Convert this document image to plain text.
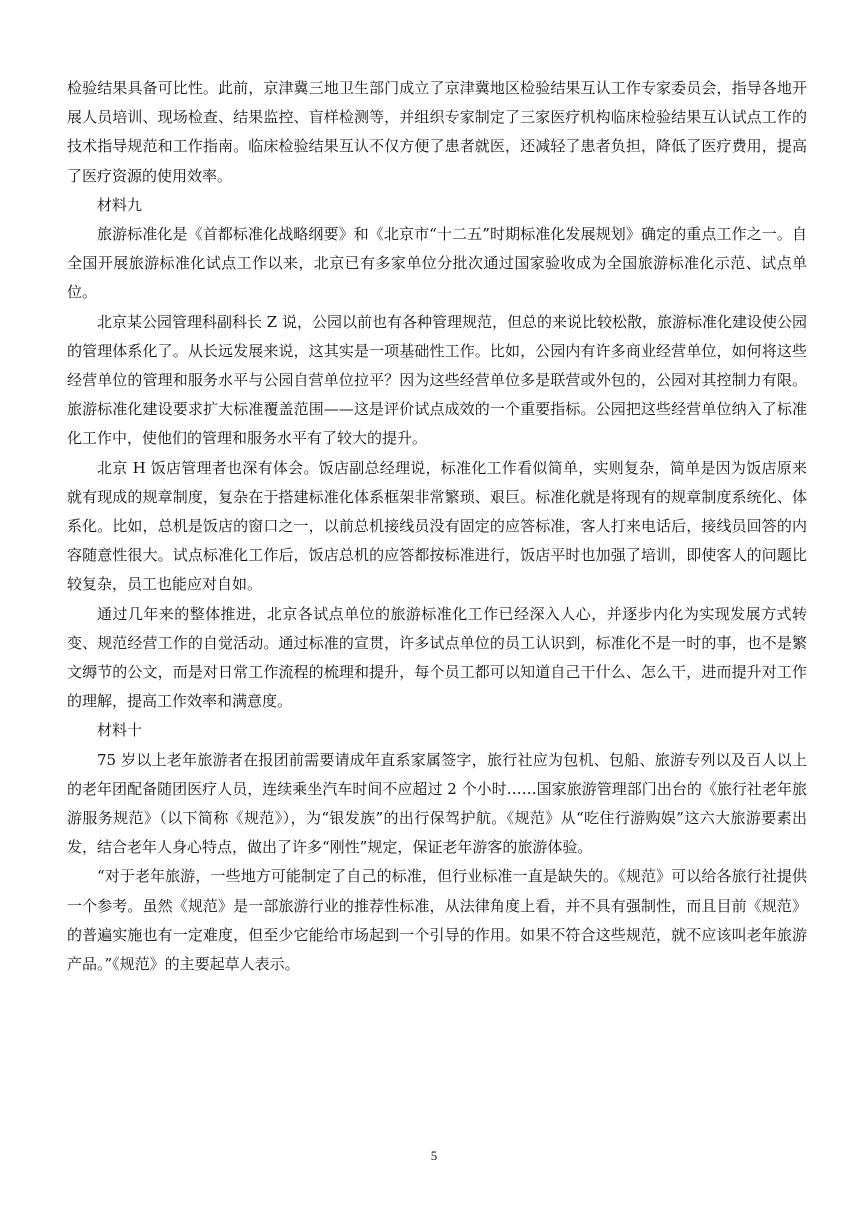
检验结果具备可比性。此前，京津冀三地卫生部门成立了京津冀地区检验结果互认工作专家委员会，指导各地开展人员培训、现场检查、结果监控、盲样检测等，并组织专家制定了三家医疗机构临床检验结果互认试点工作的技术指导规范和工作指南。临床检验结果互认不仅方便了患者就医，还减轻了患者负担，降低了医疗费用，提高了医疗资源的使用效率。

材料九

旅游标准化是《首都标准化战略纲要》和《北京市“十二五”时期标准化发展规划》确定的重点工作之一。自全国开展旅游标准化试点工作以来，北京已有多家单位分批次通过国家验收成为全国旅游标准化示范、试点单位。

北京某公园管理科副科长 Z 说，公园以前也有各种管理规范，但总的来说比较松散，旅游标准化建设使公园的管理体系化了。从长远发展来说，这其实是一项基础性工作。比如，公园内有许多商业经营单位，如何将这些经营单位的管理和服务水平与公园自营单位拉平？因为这些经营单位多是联营或外包的，公园对其控制力有限。旅游标准化建设要求扩大标准覆盖范围——这是评价试点成效的一个重要指标。公园把这些经营单位纳入了标准化工作中，使他们的管理和服务水平有了较大的提升。

北京 H 饭店管理者也深有体会。饭店副总经理说，标准化工作看似简单，实则复杂，简单是因为饭店原来就有现成的规章制度，复杂在于搭建标准化体系框架非常繁琐、艰巨。标准化就是将现有的规章制度系统化、体系化。比如，总机是饭店的窗口之一，以前总机接线员没有固定的应答标准，客人打来电话后，接线员回答的内容随意性很大。试点标准化工作后，饭店总机的应答都按标准进行，饭店平时也加强了培训，即使客人的问题比较复杂，员工也能应对自如。

通过几年来的整体推进，北京各试点单位的旅游标准化工作已经深入人心，并逐步内化为实现发展方式转变、规范经营工作的自觉活动。通过标准的宣贯，许多试点单位的员工认识到，标准化不是一时的事，也不是繁文缛节的公文，而是对日常工作流程的梳理和提升，每个员工都可以知道自己干什么、怎么干，进而提升对工作的理解，提高工作效率和满意度。

材料十

75 岁以上老年旅游者在报团前需要请成年直系家属签字，旅行社应为包机、包船、旅游专列以及百人以上的老年团配备随团医疗人员，连续乘坐汽车时间不应超过 2 个小时……国家旅游管理部门出台的《旅行社老年旅游服务规范》（以下简称《规范》），为“银发族”的出行保驾护航。《规范》从“吃住行游购娱”这六大旅游要素出发，结合老年人身心特点，做出了许多“刚性”规定，保证老年游客的旅游体验。

“对于老年旅游，一些地方可能制定了自己的标准，但行业标准一直是缺失的。《规范》可以给各旅行社提供一个参考。虽然《规范》是一部旅游行业的推荐性标准，从法律角度上看，并不具有强制性，而且目前《规范》的普遍实施也有一定难度，但至少它能给市场起到一个引导的作用。如果不符合这些规范，就不应该叫老年旅游产品。”《规范》的主要起草人表示。

5
